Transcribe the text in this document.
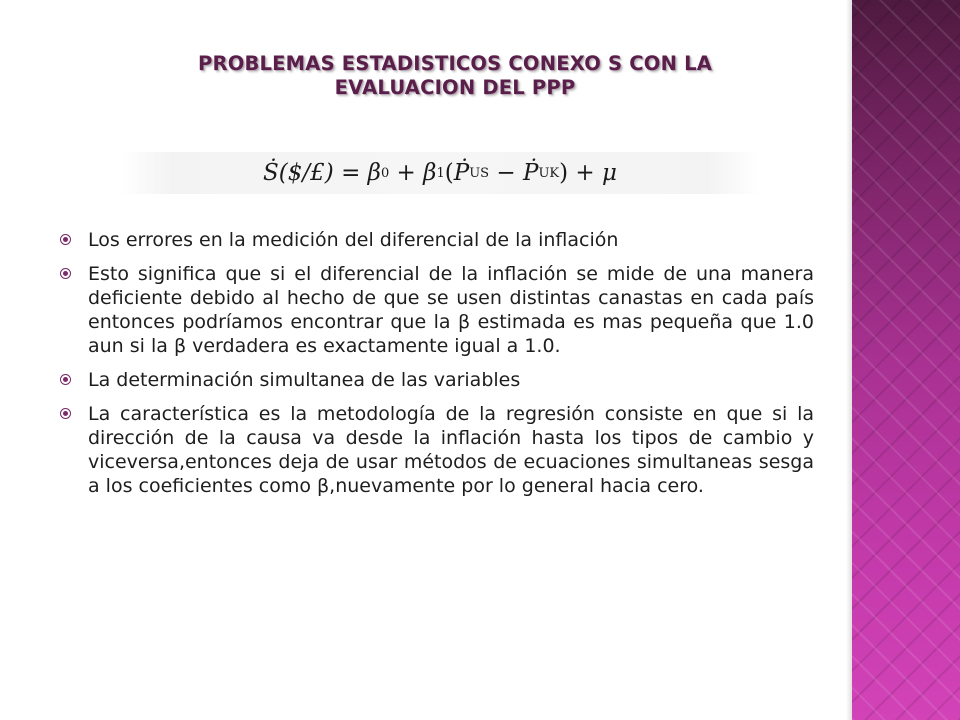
PROBLEMAS ESTADISTICOS CONEXO S CON LA
EVALUACION DEL PPP
Ṡ($/£)
=
β 0
+
β 1 ( Ṗ US
−
Ṗ UK )
+
μ
Los errores en la medición del diferencial de la inflación
Esto significa que si el diferencial de la inflación se mide de una manera deficiente debido al hecho de que se usen distintas canastas en cada país entonces podríamos encontrar que la β estimada es mas pequeña que 1.0 aun si la β verdadera es exactamente igual a 1.0.
La determinación simultanea de las variables
La característica es la metodología de la regresión consiste en que si la dirección de la causa va desde la inflación hasta los tipos de cambio y viceversa,entonces deja de usar métodos de ecuaciones simultaneas sesga a los coeficientes como β,nuevamente por lo general hacia cero.
